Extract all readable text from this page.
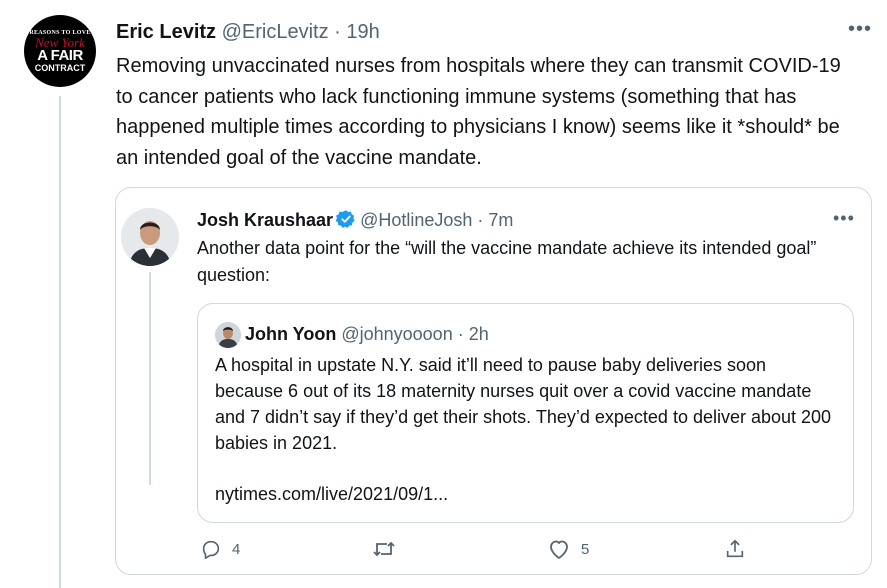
REASONS TO LOVE
New York
A FAIR
CONTRACT
Eric Levitz @EricLevitz · 19h	•••
Removing unvaccinated nurses from hospitals where they can transmit COVID-19 to cancer patients who lack functioning immune systems (something that has happened multiple times according to physicians I know) seems like it *should* be an intended goal of the vaccine mandate.
Josh Kraushaar @HotlineJosh · 7m	•••
Another data point for the “will the vaccine mandate achieve its intended goal” question:
John Yoon @johnyoooon · 2h
A hospital in upstate N.Y. said it’ll need to pause baby deliveries soon because 6 out of its 18 maternity nurses quit over a covid vaccine mandate and 7 didn’t say if they’d get their shots. They’d expected to deliver about 200 babies in 2021.
nytimes.com/live/2021/09/1...
4	5
